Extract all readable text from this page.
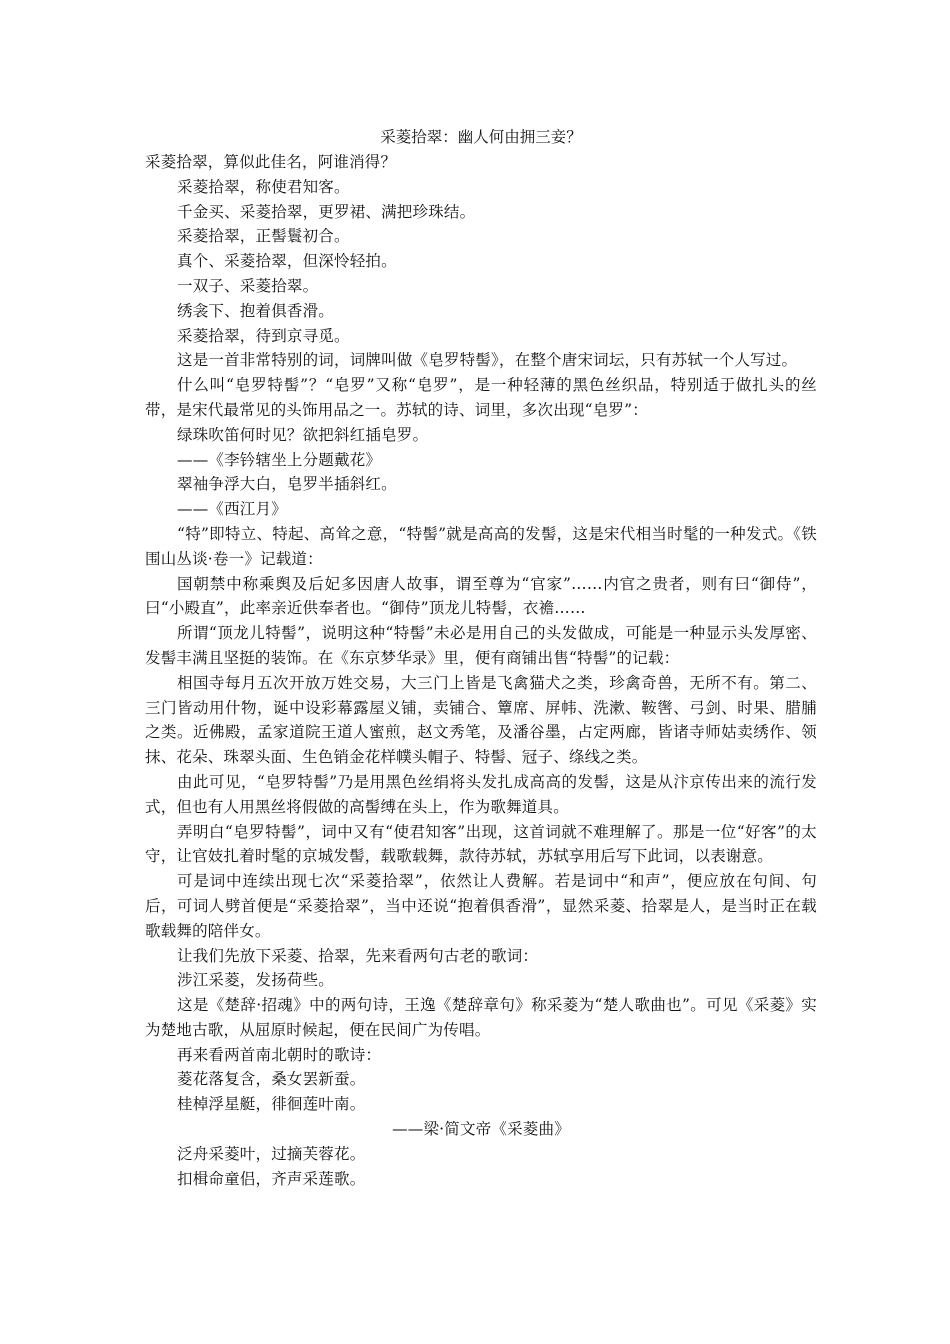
采菱拾翠：幽人何由拥三妾？

采菱拾翠，算似此佳名，阿谁消得？

采菱拾翠，称使君知客。

千金买、采菱拾翠，更罗裙、满把珍珠结。

采菱拾翠，正髻鬟初合。

真个、采菱拾翠，但深怜轻拍。

一双子、采菱拾翠。

绣衾下、抱着俱香滑。

采菱拾翠，待到京寻觅。

这是一首非常特别的词，词牌叫做《皂罗特髻》，在整个唐宋词坛，只有苏轼一个人写过。

什么叫“皂罗特髻”？“皂罗”又称“皂罗”，是一种轻薄的黑色丝织品，特别适于做扎头的丝带，是宋代最常见的头饰用品之一。苏轼的诗、词里，多次出现“皂罗”：

绿珠吹笛何时见？欲把斜红插皂罗。

——《李钤辖坐上分题戴花》

翠袖争浮大白，皂罗半插斜红。

——《西江月》

“特”即特立、特起、高耸之意，“特髻”就是高高的发髻，这是宋代相当时髦的一种发式。《铁围山丛谈·卷一》记载道：

国朝禁中称乘舆及后妃多因唐人故事，谓至尊为“官家”……内官之贵者，则有曰“御侍”，曰“小殿直”，此率亲近供奉者也。“御侍”顶龙儿特髻，衣襜……

所谓“顶龙儿特髻”，说明这种“特髻”未必是用自己的头发做成，可能是一种显示头发厚密、发髻丰满且坚挺的装饰。在《东京梦华录》里，便有商铺出售“特髻”的记载：

相国寺每月五次开放万姓交易，大三门上皆是飞禽猫犬之类，珍禽奇兽，无所不有。第二、三门皆动用什物，诞中设彩幕露屋义铺，卖铺合、簟席、屏帏、洗漱、鞍辔、弓剑、时果、腊脯之类。近佛殿，孟家道院王道人蜜煎，赵文秀笔，及潘谷墨，占定两廊，皆诸寺师姑卖绣作、领抹、花朵、珠翠头面、生色销金花样幞头帽子、特髻、冠子、绦线之类。

由此可见，“皂罗特髻”乃是用黑色丝绢将头发扎成高高的发髻，这是从汴京传出来的流行发式，但也有人用黑丝将假做的高髻缚在头上，作为歌舞道具。

弄明白“皂罗特髻”，词中又有“使君知客”出现，这首词就不难理解了。那是一位“好客”的太守，让官妓扎着时髦的京城发髻，载歌载舞，款待苏轼，苏轼享用后写下此词，以表谢意。

可是词中连续出现七次“采菱拾翠”，依然让人费解。若是词中“和声”，便应放在句间、句后，可词人劈首便是“采菱拾翠”，当中还说“抱着俱香滑”，显然采菱、拾翠是人，是当时正在载歌载舞的陪伴女。

让我们先放下采菱、拾翠，先来看两句古老的歌词：

涉江采菱，发扬荷些。

这是《楚辞·招魂》中的两句诗，王逸《楚辞章句》称采菱为“楚人歌曲也”。可见《采菱》实为楚地古歌，从屈原时候起，便在民间广为传唱。

再来看两首南北朝时的歌诗：

菱花落复含，桑女罢新蚕。

桂棹浮星艇，徘徊莲叶南。

——梁·简文帝《采菱曲》

泛舟采菱叶，过摘芙蓉花。

扣楫命童侣，齐声采莲歌。
